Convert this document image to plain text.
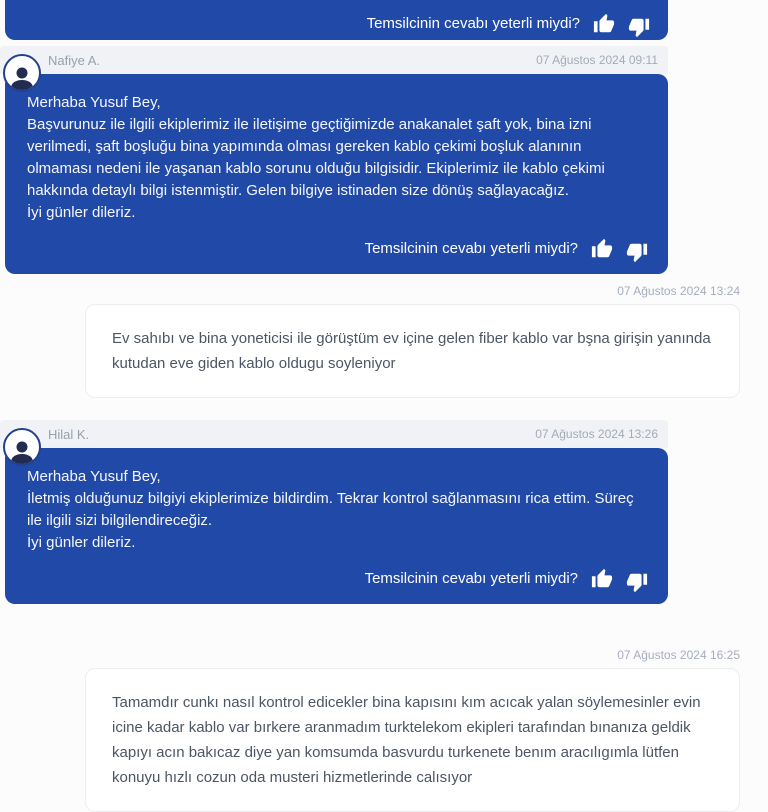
Temsilcinin cevabı yeterli miydi?
Nafiye A.	07 Ağustos 2024 09:11
Merhaba Yusuf Bey,
Başvurunuz ile ilgili ekiplerimiz ile iletişime geçtiğimizde anakanalet şaft yok, bina izni verilmedi, şaft boşluğu bina yapımında olması gereken kablo çekimi boşluk alanının olmaması nedeni ile yaşanan kablo sorunu olduğu bilgisidir. Ekiplerimiz ile kablo çekimi hakkında detaylı bilgi istenmiştir. Gelen bilgiye istinaden size dönüş sağlayacağız.
İyi günler dileriz.
Temsilcinin cevabı yeterli miydi?
07 Ağustos 2024 13:24
Ev sahıbı ve bina yoneticisi ile görüştüm ev içine gelen fiber kablo var bşna girişin yanında kutudan eve giden kablo oldugu soyleniyor
Hilal K.	07 Ağustos 2024 13:26
Merhaba Yusuf Bey,
İletmiş olduğunuz bilgiyi ekiplerimize bildirdim. Tekrar kontrol sağlanmasını rica ettim. Süreç ile ilgili sizi bilgilendireceğiz.
İyi günler dileriz.
Temsilcinin cevabı yeterli miydi?
07 Ağustos 2024 16:25
Tamamdır cunkı nasıl kontrol edicekler bina kapısını kım acıcak yalan söylemesinler evin icine kadar kablo var bırkere aranmadım turktelekom ekipleri tarafından bınanıza geldik kapıyı acın bakıcaz diye yan komsumda basvurdu turkenete benım aracılıgımla lütfen konuyu hızlı cozun oda musteri hizmetlerinde calısıyor
